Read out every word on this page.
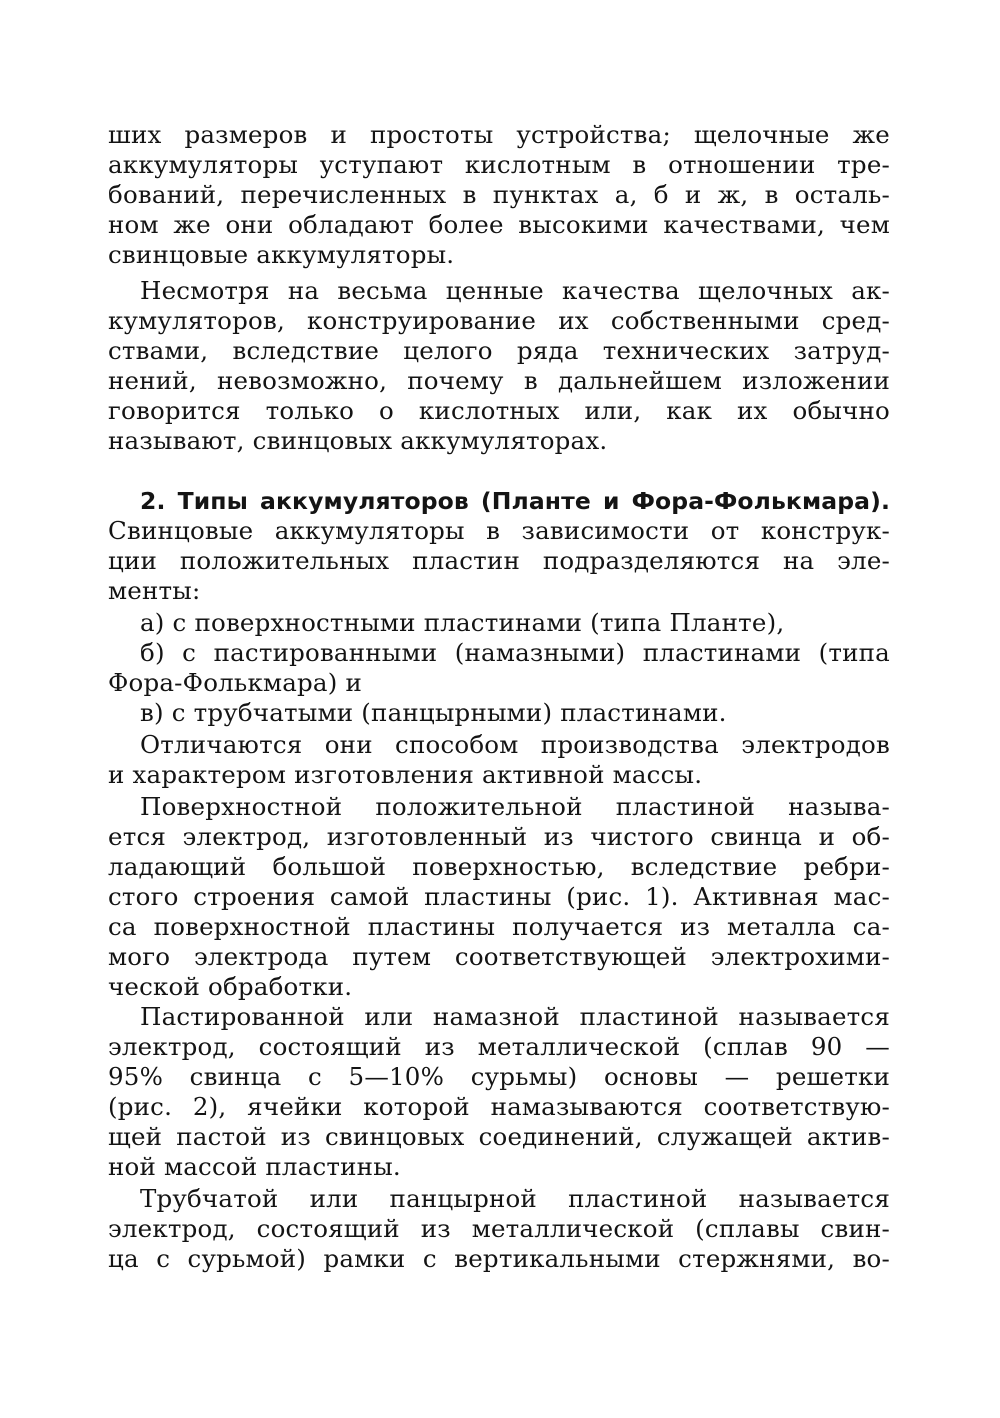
ших размеров и простоты устройства; щелочные же
аккумуляторы уступают кислотным в отношении тре-
бований, перечисленных в пунктах а, б и ж, в осталь-
ном же они обладают более высокими качествами, чем
свинцовые аккумуляторы.
Несмотря на весьма ценные качества щелочных ак-
кумуляторов, конструирование их собственными сред-
ствами, вследствие целого ряда технических затруд-
нений, невозможно, почему в дальнейшем изложении
говорится только о кислотных или, как их обычно
называют, свинцовых аккумуляторах.
2. Типы аккумуляторов (Планте и Фора-Фолькмара).
Свинцовые аккумуляторы в зависимости от конструк-
ции положительных пластин подразделяются на эле-
менты:
а) с поверхностными пластинами (типа Планте),
б) с пастированными (намазными) пластинами (типа
Фора-Фолькмара) и
в) с трубчатыми (панцырными) пластинами.
Отличаются они способом производства электродов
и характером изготовления активной массы.
Поверхностной положительной пластиной называ-
ется электрод, изготовленный из чистого свинца и об-
ладающий большой поверхностью, вследствие ребри-
стого строения самой пластины (рис. 1). Активная мас-
са поверхностной пластины получается из металла са-
мого электрода путем соответствующей электрохими-
ческой обработки.
Пастированной или намазной пластиной называется
электрод, состоящий из металлической (сплав 90 —
95% свинца с 5—10% сурьмы) основы — решетки
(рис. 2), ячейки которой намазываются соответствую-
щей пастой из свинцовых соединений, служащей актив-
ной массой пластины.
Трубчатой или панцырной пластиной называется
электрод, состоящий из металлической (сплавы свин-
ца с сурьмой) рамки с вертикальными стержнями, во-
